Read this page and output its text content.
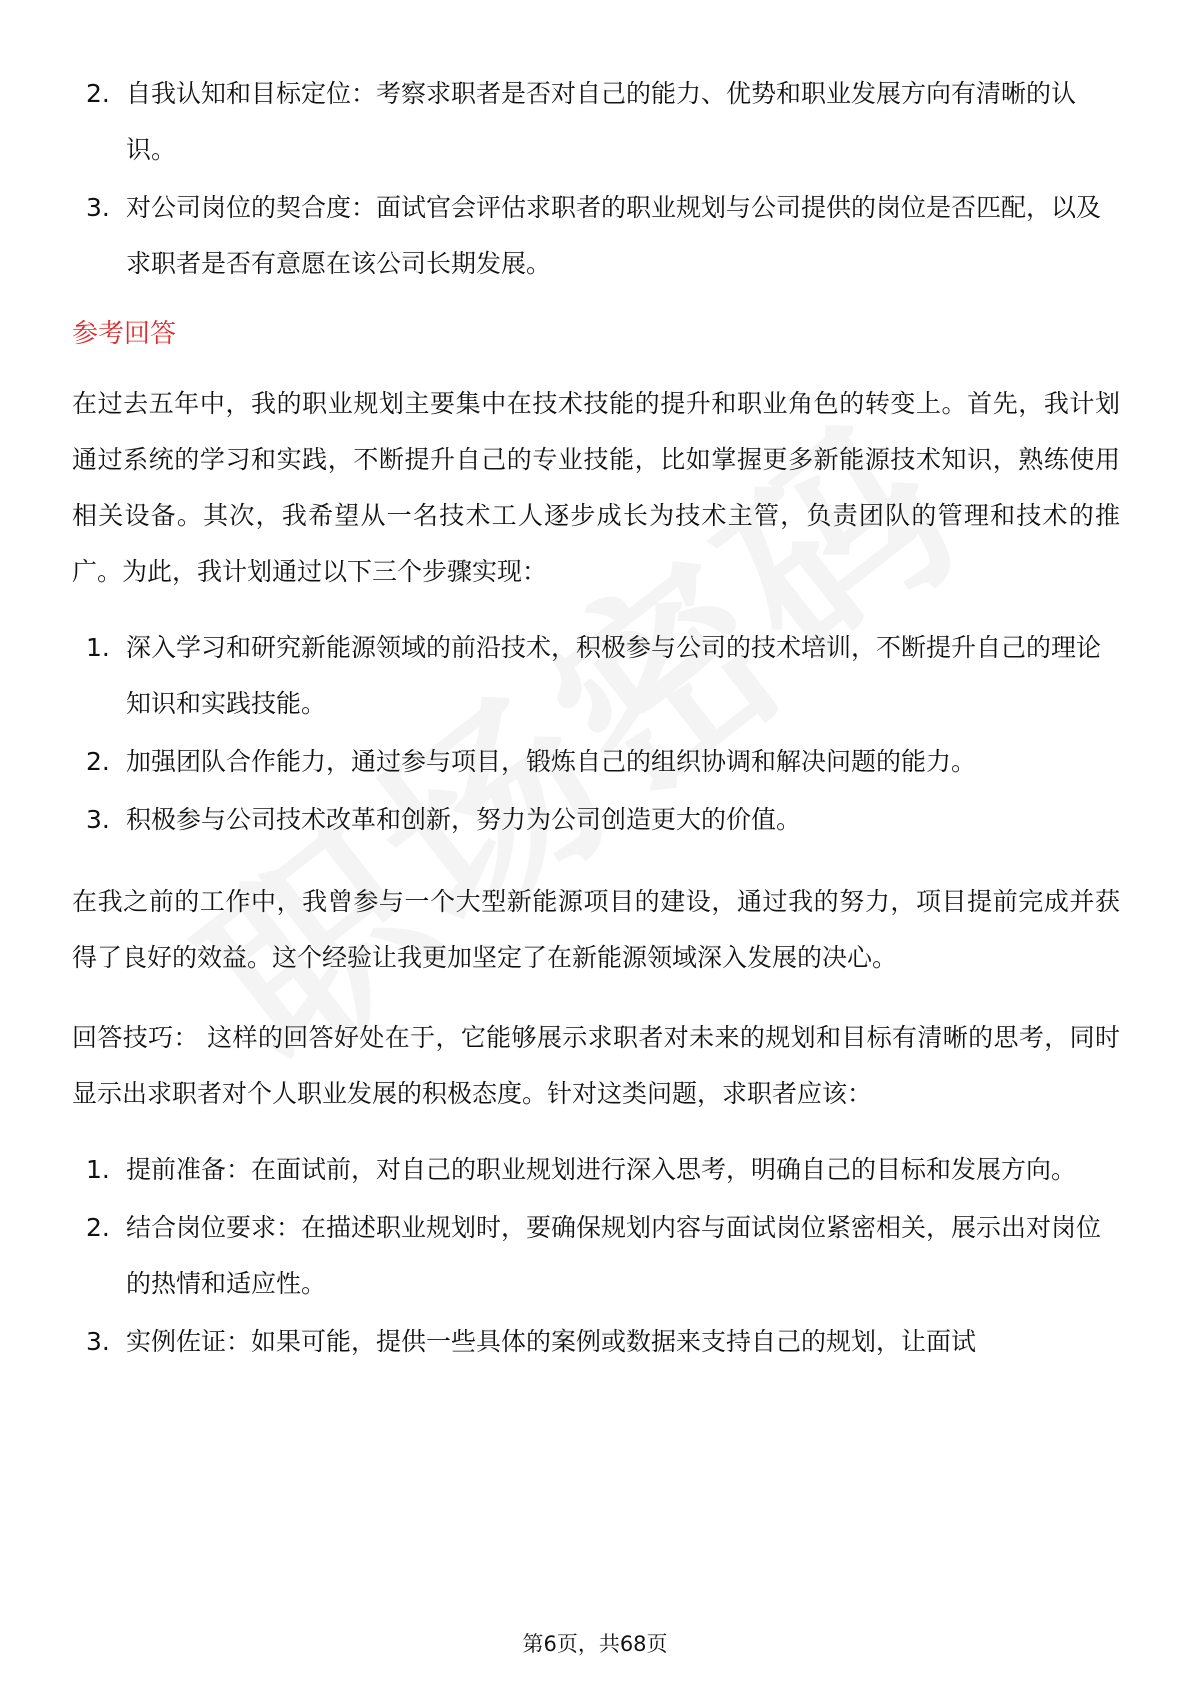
2. 自我认知和目标定位：考察求职者是否对自己的能力、优势和职业发展方向有清晰的认识。
3. 对公司岗位的契合度：面试官会评估求职者的职业规划与公司提供的岗位是否匹配，以及求职者是否有意愿在该公司长期发展。
参考回答

在过去五年中，我的职业规划主要集中在技术技能的提升和职业角色的转变上。首先，我计划通过系统的学习和实践，不断提升自己的专业技能，比如掌握更多新能源技术知识，熟练使用相关设备。其次，我希望从一名技术工人逐步成长为技术主管，负责团队的管理和技术的推广。为此，我计划通过以下三个步骤实现：

1. 深入学习和研究新能源领域的前沿技术，积极参与公司的技术培训，不断提升自己的理论知识和实践技能。
2. 加强团队合作能力，通过参与项目，锻炼自己的组织协调和解决问题的能力。
3. 积极参与公司技术改革和创新，努力为公司创造更大的价值。

在我之前的工作中，我曾参与一个大型新能源项目的建设，通过我的努力，项目提前完成并获得了良好的效益。这个经验让我更加坚定了在新能源领域深入发展的决心。

回答技巧： 这样的回答好处在于，它能够展示求职者对未来的规划和目标有清晰的思考，同时显示出求职者对个人职业发展的积极态度。针对这类问题，求职者应该：

1. 提前准备：在面试前，对自己的职业规划进行深入思考，明确自己的目标和发展方向。
2. 结合岗位要求：在描述职业规划时，要确保规划内容与面试岗位紧密相关，展示出对岗位的热情和适应性。
3. 实例佐证：如果可能，提供一些具体的案例或数据来支持自己的规划，让面试
第6页，共68页
